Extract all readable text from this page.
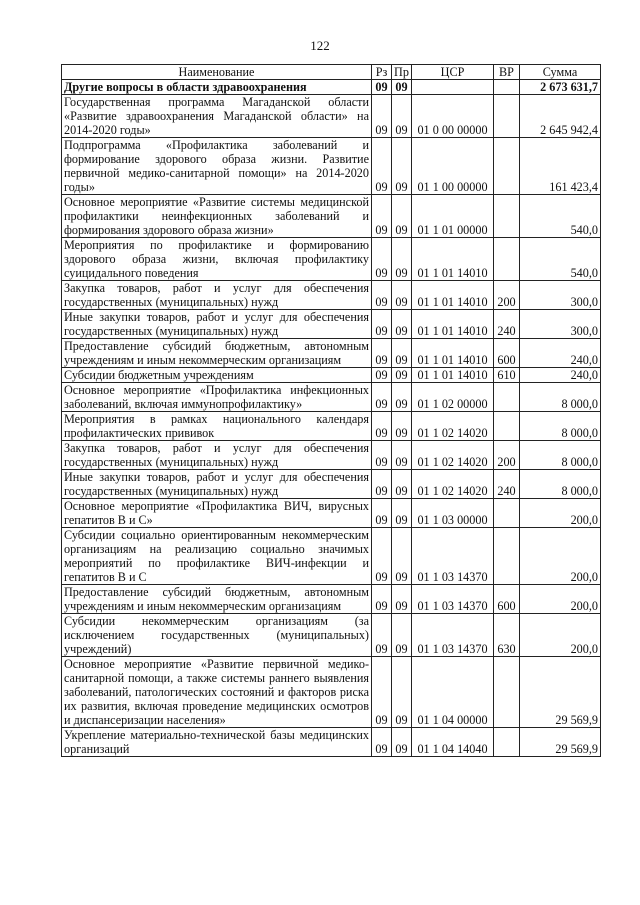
122
Наименование	Рз	Пр	ЦСР	ВР	Сумма
Другие вопросы в области здравоохранения	09	09			2 673 631,7
Государственная программа Магаданской области «Развитие здравоохранения Магаданской области» на 2014-2020 годы»	09	09	01 0 00 00000		2 645 942,4
Подпрограмма «Профилактика заболеваний и формирование здорового образа жизни. Развитие первичной медико-санитарной помощи» на 2014-2020 годы»	09	09	01 1 00 00000		161 423,4
Основное мероприятие «Развитие системы медицинской профилактики неинфекционных заболеваний и формирования здорового образа жизни»	09	09	01 1 01 00000		540,0
Мероприятия по профилактике и формированию здорового образа жизни, включая профилактику суицидального поведения	09	09	01 1 01 14010		540,0
Закупка товаров, работ и услуг для обеспечения государственных (муниципальных) нужд	09	09	01 1 01 14010	200	300,0
Иные закупки товаров, работ и услуг для обеспечения государственных (муниципальных) нужд	09	09	01 1 01 14010	240	300,0
Предоставление субсидий бюджетным, автономным учреждениям и иным некоммерческим организациям	09	09	01 1 01 14010	600	240,0
Субсидии бюджетным учреждениям	09	09	01 1 01 14010	610	240,0
Основное мероприятие «Профилактика инфекционных заболеваний, включая иммунопрофилактику»	09	09	01 1 02 00000		8 000,0
Мероприятия в рамках национального календаря профилактических прививок	09	09	01 1 02 14020		8 000,0
Закупка товаров, работ и услуг для обеспечения государственных (муниципальных) нужд	09	09	01 1 02 14020	200	8 000,0
Иные закупки товаров, работ и услуг для обеспечения государственных (муниципальных) нужд	09	09	01 1 02 14020	240	8 000,0
Основное мероприятие «Профилактика ВИЧ, вирусных гепатитов В и С»	09	09	01 1 03 00000		200,0
Субсидии социально ориентированным некоммерческим организациям на реализацию социально значимых мероприятий по профилактике ВИЧ-инфекции и гепатитов В и С	09	09	01 1 03 14370		200,0
Предоставление субсидий бюджетным, автономным учреждениям и иным некоммерческим организациям	09	09	01 1 03 14370	600	200,0
Субсидии некоммерческим организациям (за исключением государственных (муниципальных) учреждений)	09	09	01 1 03 14370	630	200,0
Основное мероприятие «Развитие первичной медико-санитарной помощи, а также системы раннего выявления заболеваний, патологических состояний и факторов риска их развития, включая проведение медицинских осмотров и диспансеризации населения»	09	09	01 1 04 00000		29 569,9
Укрепление материально-технической базы медицинских организаций	09	09	01 1 04 14040		29 569,9
